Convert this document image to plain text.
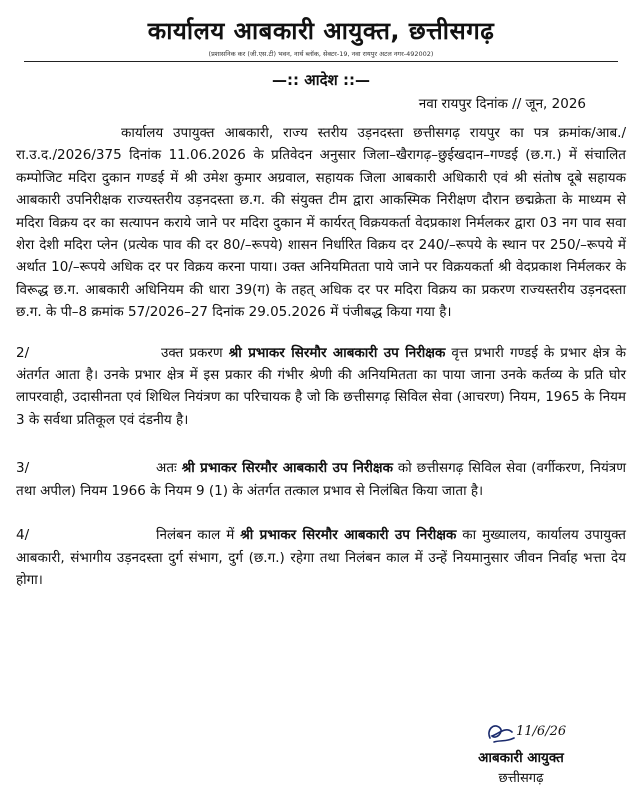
कार्यालय आबकारी आयुक्त, छत्तीसगढ़
(प्रशासनिक कर (जी.एस.टी) भवन, नार्थ ब्लॉक, सेक्टर-19, नवा रायपुर अटल नगर-492002)
—:: आदेश ::—
नवा रायपुर दिनांक // जून, 2026

कार्यालय उपायुक्त आबकारी, राज्य स्तरीय उड़नदस्ता छत्तीसगढ़ रायपुर का पत्र क्रमांक/आब./रा.उ.द./2026/375 दिनांक 11.06.2026 के प्रतिवेदन अनुसार जिला–खैरागढ़–छुईखदान–गण्डई (छ.ग.) में संचालित कम्पोजिट मदिरा दुकान गण्डई में श्री उमेश कुमार अग्रवाल, सहायक जिला आबकारी अधिकारी एवं श्री संतोष दूबे सहायक आबकारी उपनिरीक्षक राज्यस्तरीय उड़नदस्ता छ.ग. की संयुक्त टीम द्वारा आकस्मिक निरीक्षण दौरान छद्मक्रेता के माध्यम से मदिरा विक्रय दर का सत्यापन कराये जाने पर मदिरा दुकान में कार्यरत् विक्रयकर्ता वेदप्रकाश निर्मलकर द्वारा 03 नग पाव सवा शेरा देशी मदिरा प्लेन (प्रत्येक पाव की दर 80/–रूपये) शासन निर्धारित विक्रय दर 240/–रूपये के स्थान पर 250/–रूपये में अर्थात 10/–रूपये अधिक दर पर विक्रय करना पाया। उक्त अनियमितता पाये जाने पर विक्रयकर्ता श्री वेदप्रकाश निर्मलकर के विरूद्ध छ.ग. आबकारी अधिनियम की धारा 39(ग) के तहत् अधिक दर पर मदिरा विक्रय का प्रकरण राज्यस्तरीय उड़नदस्ता छ.ग. के पी–8 क्रमांक 57/2026–27 दिनांक 29.05.2026 में पंजीबद्ध किया गया है।

2/	उक्त प्रकरण श्री प्रभाकर सिरमौर आबकारी उप निरीक्षक वृत्त प्रभारी गण्डई के प्रभार क्षेत्र के अंतर्गत आता है। उनके प्रभार क्षेत्र में इस प्रकार की गंभीर श्रेणी की अनियमितता का पाया जाना उनके कर्तव्य के प्रति घोर लापरवाही, उदासीनता एवं शिथिल नियंत्रण का परिचायक है जो कि छत्तीसगढ़ सिविल सेवा (आचरण) नियम, 1965 के नियम 3 के सर्वथा प्रतिकूल एवं दंडनीय है।

3/	अतः श्री प्रभाकर सिरमौर आबकारी उप निरीक्षक को छत्तीसगढ़ सिविल सेवा (वर्गीकरण, नियंत्रण तथा अपील) नियम 1966 के नियम 9 (1) के अंतर्गत तत्काल प्रभाव से निलंबित किया जाता है।

4/	निलंबन काल में श्री प्रभाकर सिरमौर आबकारी उप निरीक्षक का मुख्यालय, कार्यालय उपायुक्त आबकारी, संभागीय उड़नदस्ता दुर्ग संभाग, दुर्ग (छ.ग.) रहेगा तथा निलंबन काल में उन्हें नियमानुसार जीवन निर्वाह भत्ता देय होगा।

11/6/26
आबकारी आयुक्त
छत्तीसगढ़
